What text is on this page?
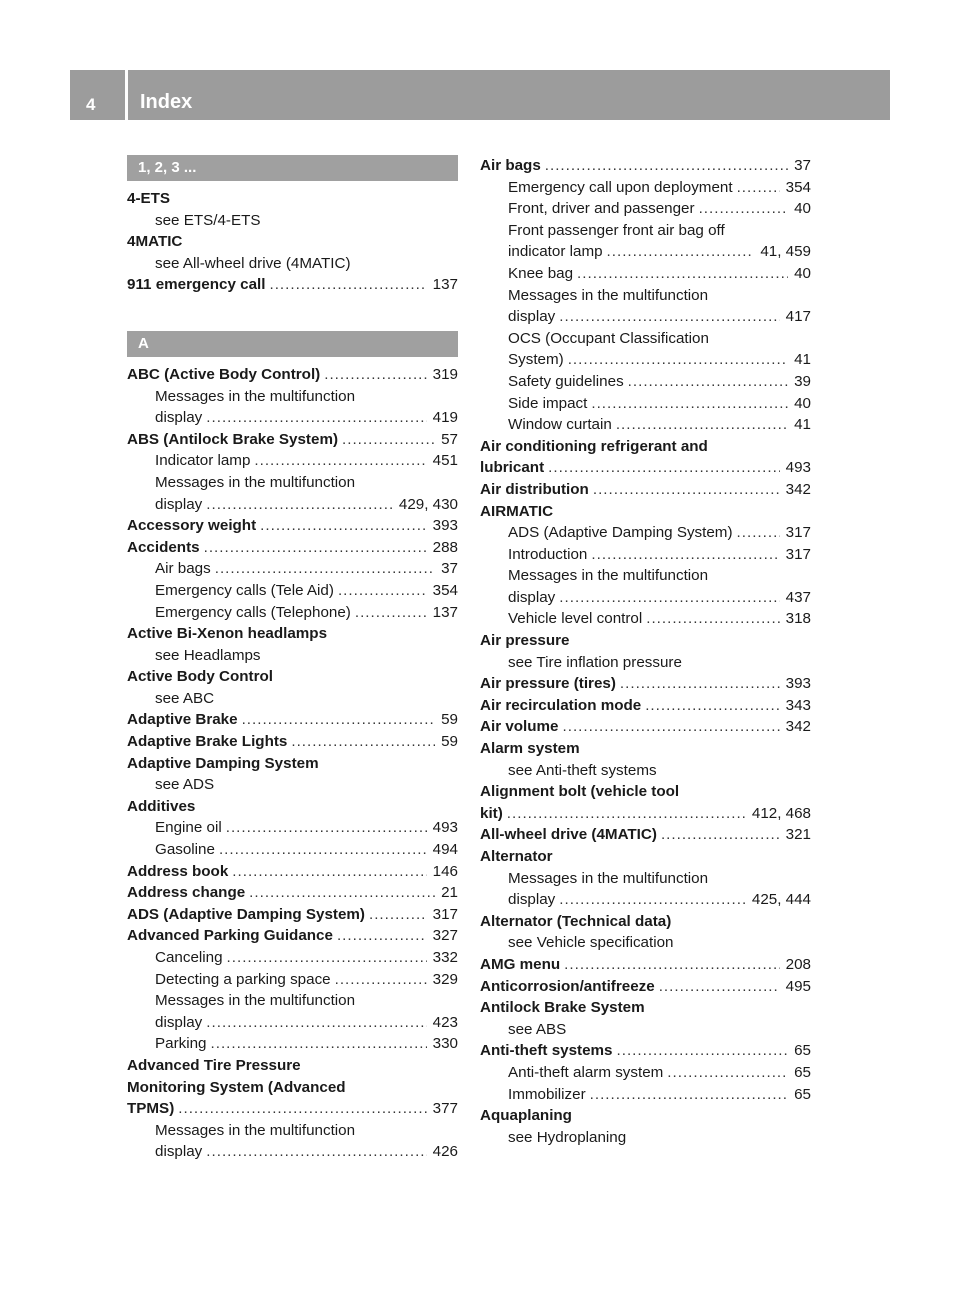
4 Index
1, 2, 3 ...
4-ETS
see ETS/4-ETS
4MATIC
see All-wheel drive (4MATIC)
911 emergency call .....	137
A
ABC (Active Body Control) .....	319
Messages in the multifunction
display .....	419
ABS (Antilock Brake System) .....	57
Indicator lamp .....	451
Messages in the multifunction
display .....	429, 430
Accessory weight .....	393
Accidents .....	288
Air bags .....	37
Emergency calls (Tele Aid) .....	354
Emergency calls (Telephone) .....	137
Active Bi-Xenon headlamps
see Headlamps
Active Body Control
see ABC
Adaptive Brake .....	59
Adaptive Brake Lights .....	59
Adaptive Damping System
see ADS
Additives
Engine oil .....	493
Gasoline .....	494
Address book .....	146
Address change .....	21
ADS (Adaptive Damping System) .....	317
Advanced Parking Guidance .....	327
Canceling .....	332
Detecting a parking space .....	329
Messages in the multifunction
display .....	423
Parking .....	330
Advanced Tire Pressure
Monitoring System (Advanced
TPMS) .....	377
Messages in the multifunction
display .....	426
Air bags .....	37
Emergency call upon deployment .....	354
Front, driver and passenger .....	40
Front passenger front air bag off
indicator lamp .....	41, 459
Knee bag .....	40
Messages in the multifunction
display .....	417
OCS (Occupant Classification
System) .....	41
Safety guidelines .....	39
Side impact .....	40
Window curtain .....	41
Air conditioning refrigerant and
lubricant .....	493
Air distribution .....	342
AIRMATIC
ADS (Adaptive Damping System) .....	317
Introduction .....	317
Messages in the multifunction
display .....	437
Vehicle level control .....	318
Air pressure
see Tire inflation pressure
Air pressure (tires) .....	393
Air recirculation mode .....	343
Air volume .....	342
Alarm system
see Anti-theft systems
Alignment bolt (vehicle tool
kit) .....	412, 468
All-wheel drive (4MATIC) .....	321
Alternator
Messages in the multifunction
display .....	425, 444
Alternator (Technical data)
see Vehicle specification
AMG menu .....	208
Anticorrosion/antifreeze .....	495
Antilock Brake System
see ABS
Anti-theft systems .....	65
Anti-theft alarm system .....	65
Immobilizer .....	65
Aquaplaning
see Hydroplaning
